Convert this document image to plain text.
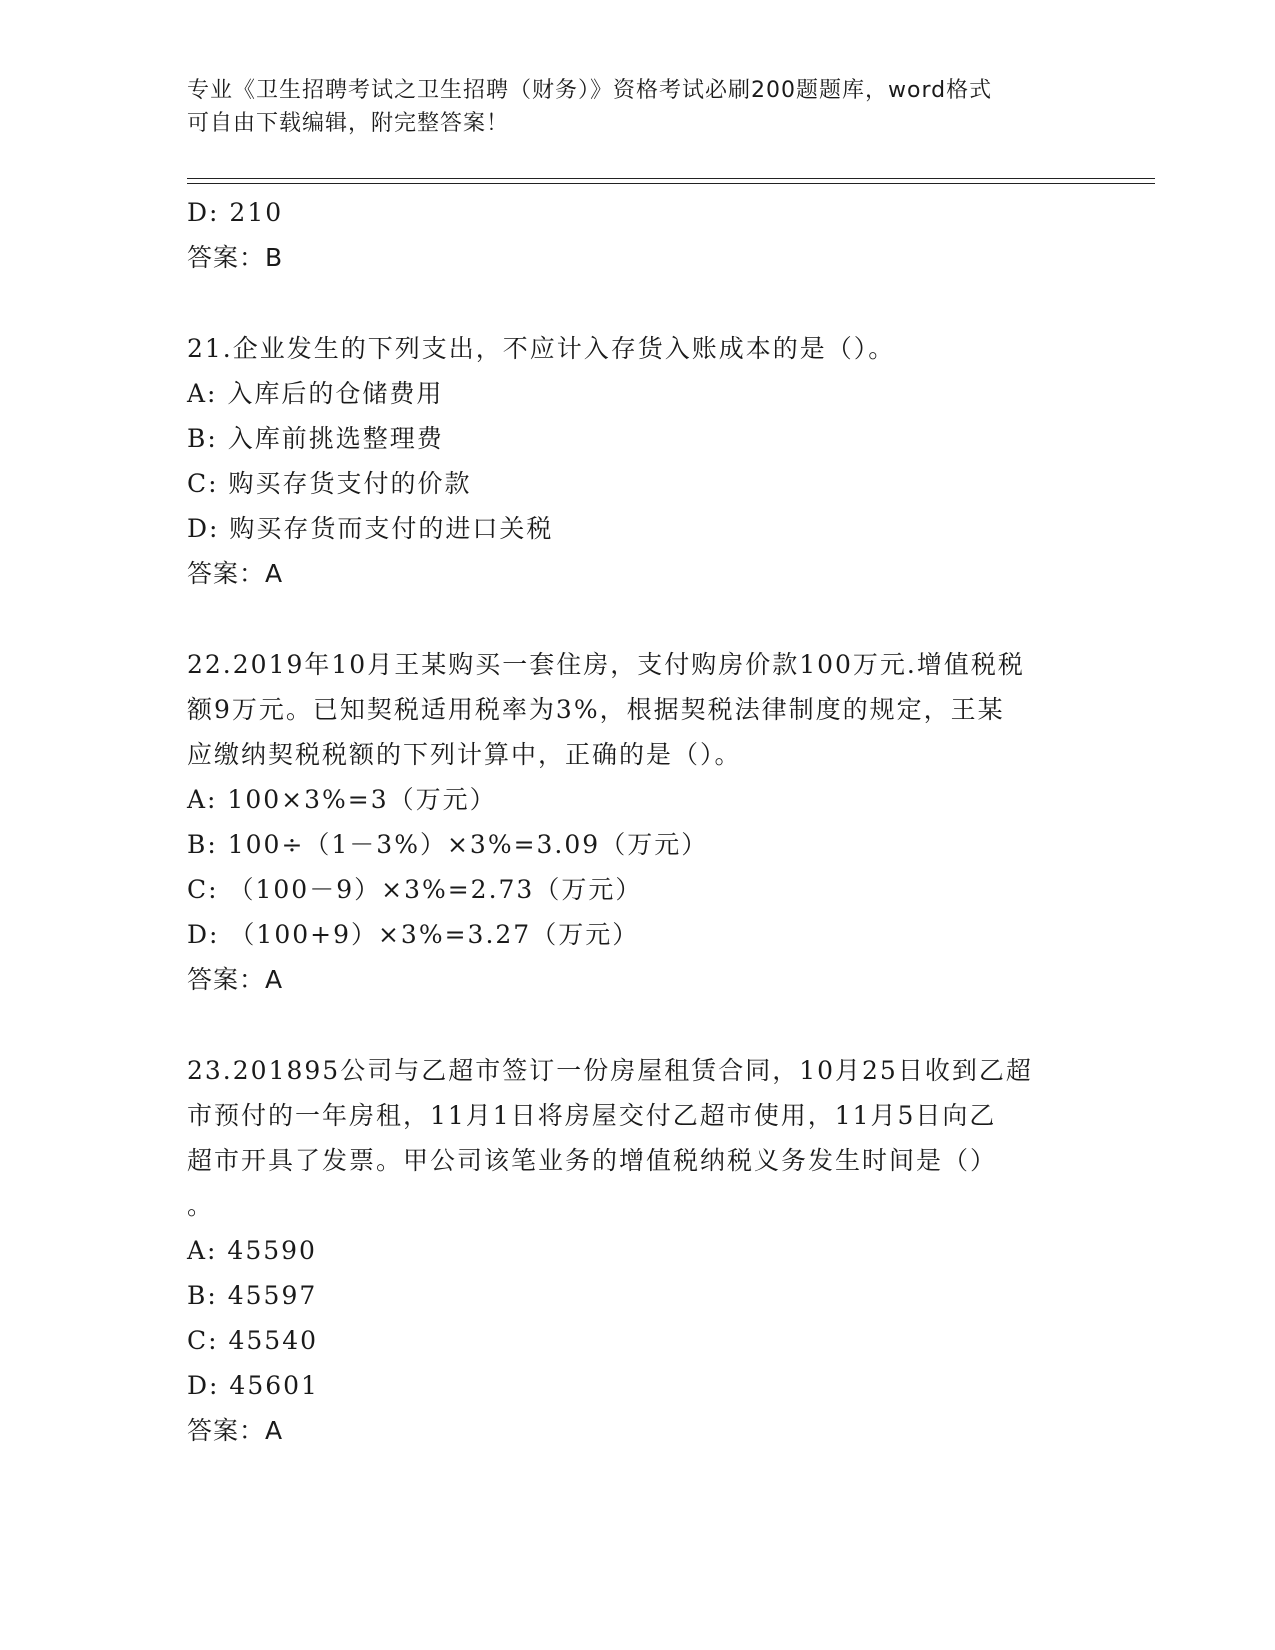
专业《卫生招聘考试之卫生招聘（财务）》资格考试必刷200题题库，word格式
可自由下载编辑，附完整答案！
D: 210
答案：B
21.企业发生的下列支出，不应计入存货入账成本的是（）。
A: 入库后的仓储费用
B: 入库前挑选整理费
C: 购买存货支付的价款
D: 购买存货而支付的进口关税
答案：A
22.2019年10月王某购买一套住房，支付购房价款100万元.增值税税
额9万元。已知契税适用税率为3%，根据契税法律制度的规定，王某
应缴纳契税税额的下列计算中，正确的是（）。
A: 100×3%=3（万元）
B: 100÷（1－3%）×3%=3.09（万元）
C: （100－9）×3%=2.73（万元）
D: （100+9）×3%=3.27（万元）
答案：A
23.201895公司与乙超市签订一份房屋租赁合同，10月25日收到乙超
市预付的一年房租，11月1日将房屋交付乙超市使用，11月5日向乙
超市开具了发票。甲公司该笔业务的增值税纳税义务发生时间是（）
。
A: 45590
B: 45597
C: 45540
D: 45601
答案：A
